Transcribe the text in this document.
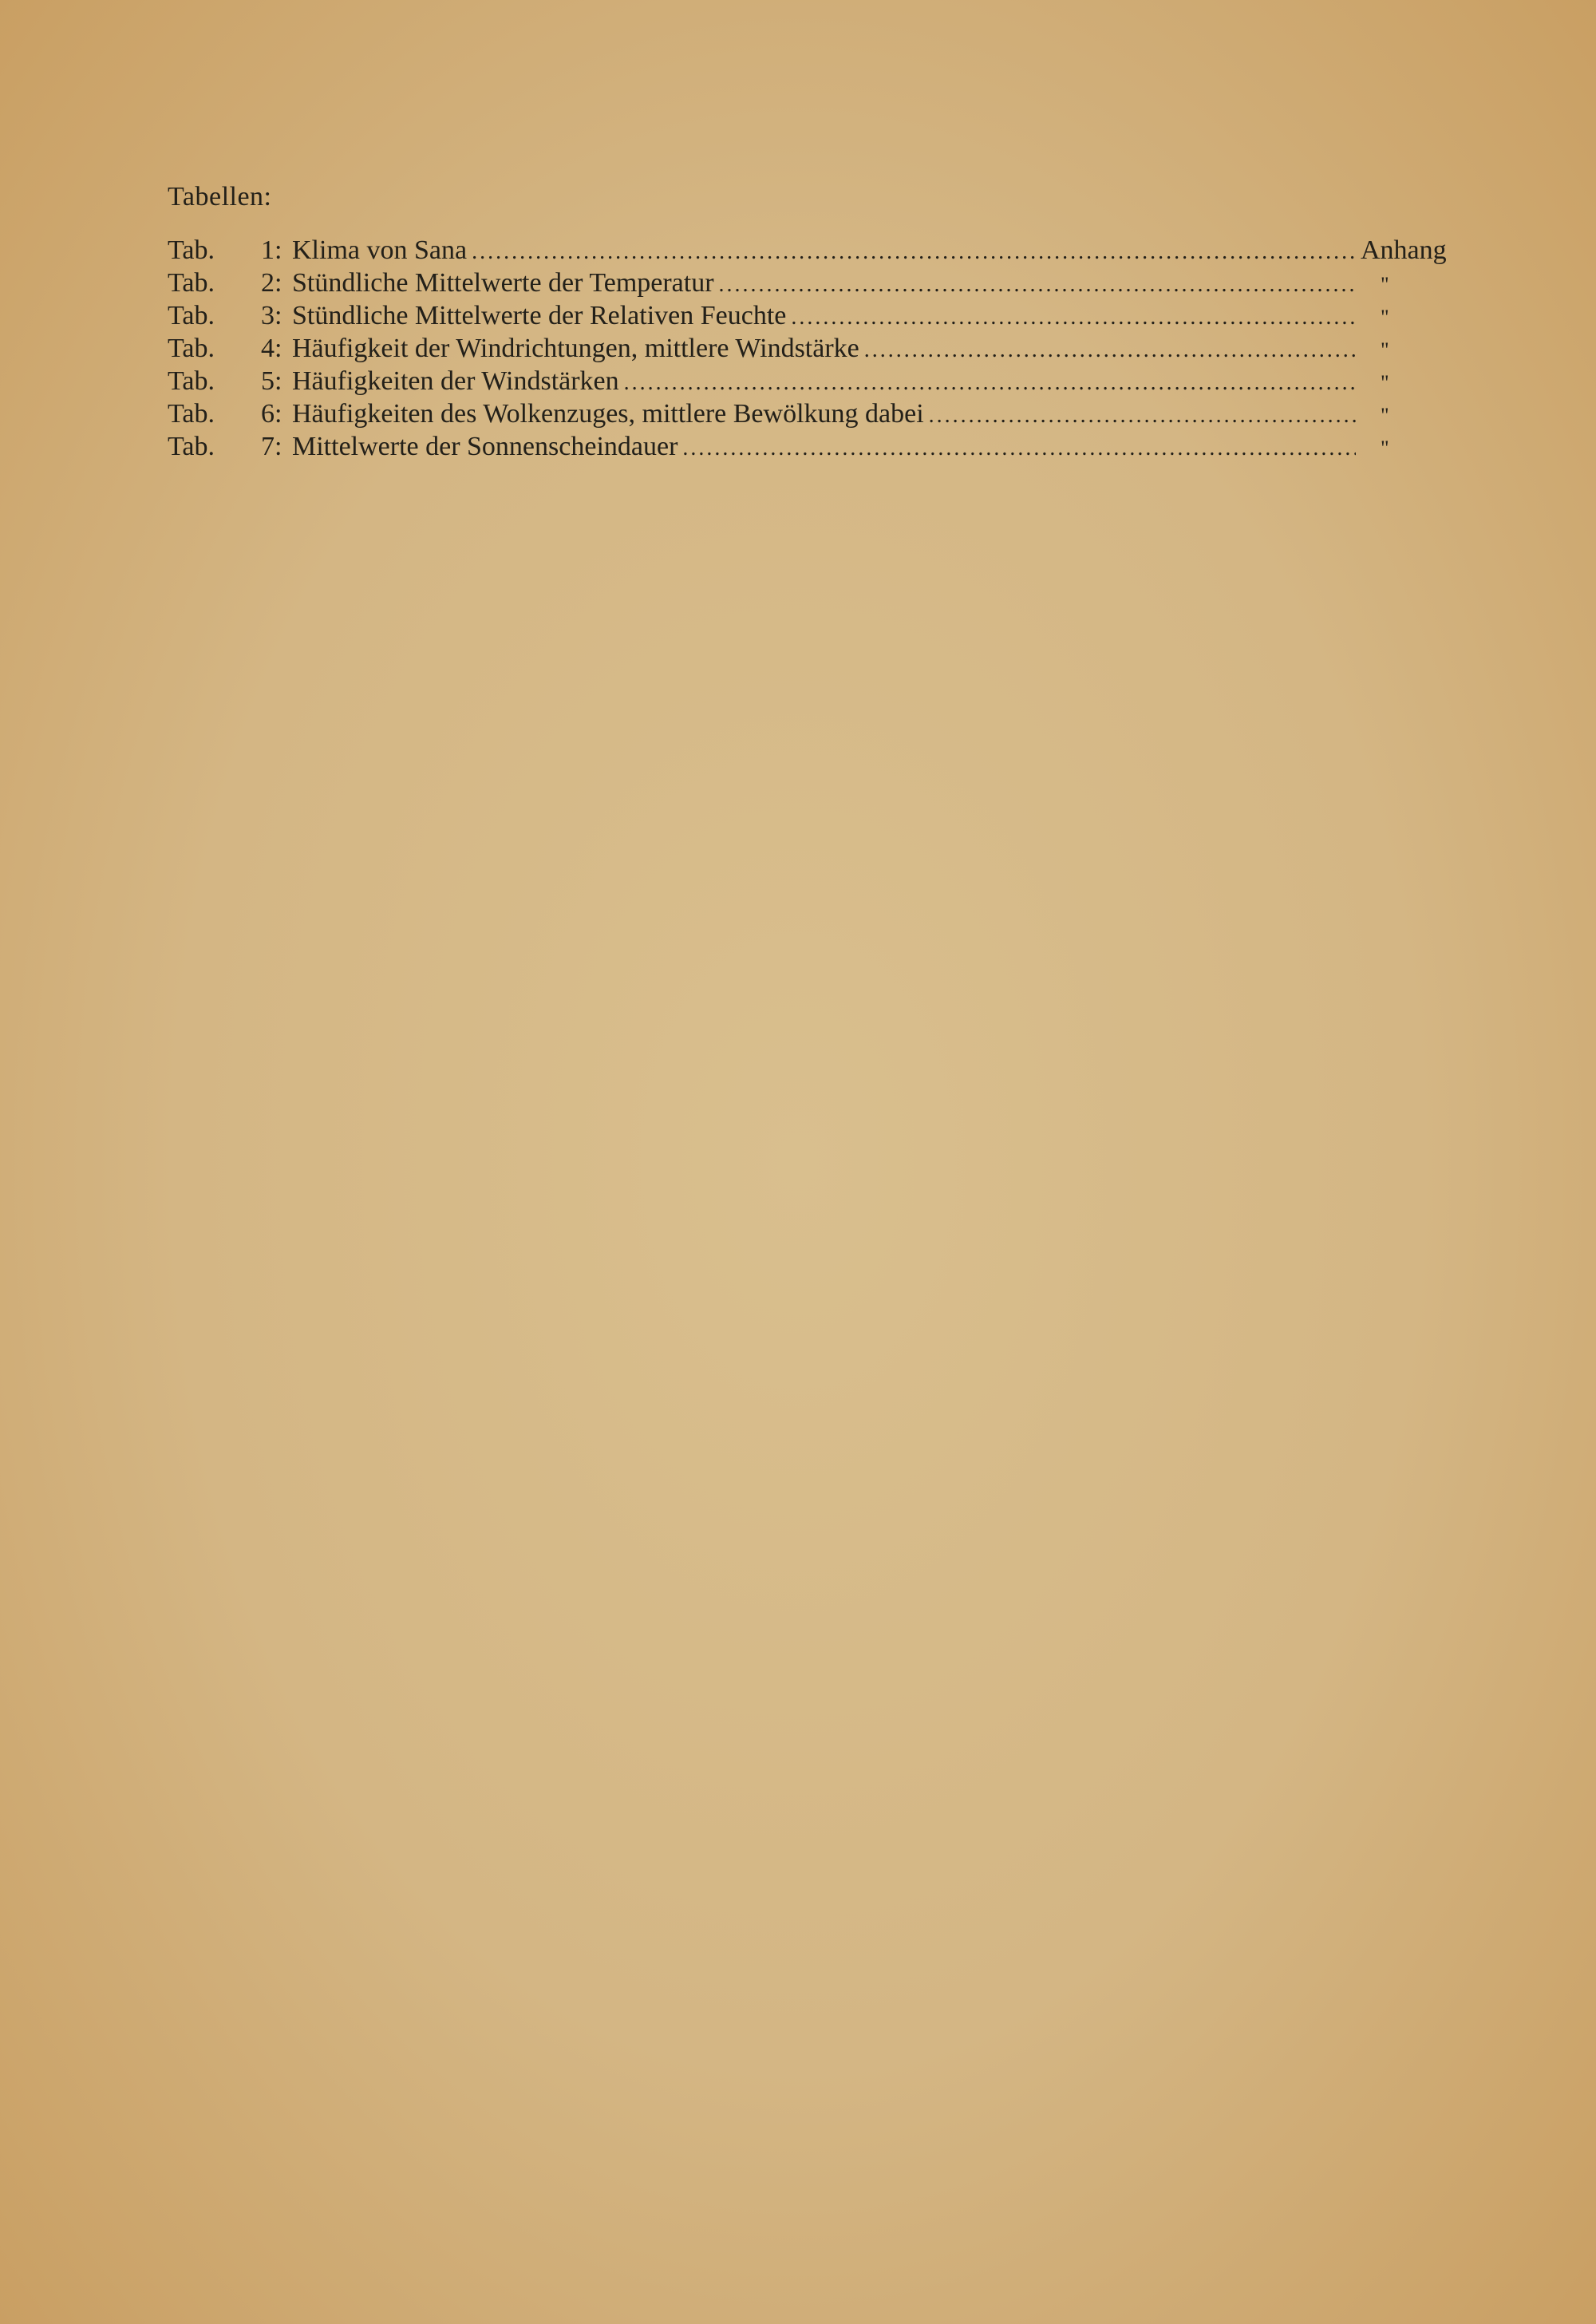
Tabellen:
Tab.	1 : Klima von Sana .....	Anhang
Tab.	2 : Stündliche Mittelwerte der Temperatur .....	"
Tab.	3 : Stündliche Mittelwerte der Relativen Feuchte .....	"
Tab.	4 : Häufigkeit der Windrichtungen, mittlere Windstärke .....	"
Tab.	5 : Häufigkeiten der Windstärken .....	"
Tab.	6 : Häufigkeiten des Wolkenzuges, mittlere Bewölkung dabei .....	"
Tab.	7 : Mittelwerte der Sonnenscheindauer .....	"
